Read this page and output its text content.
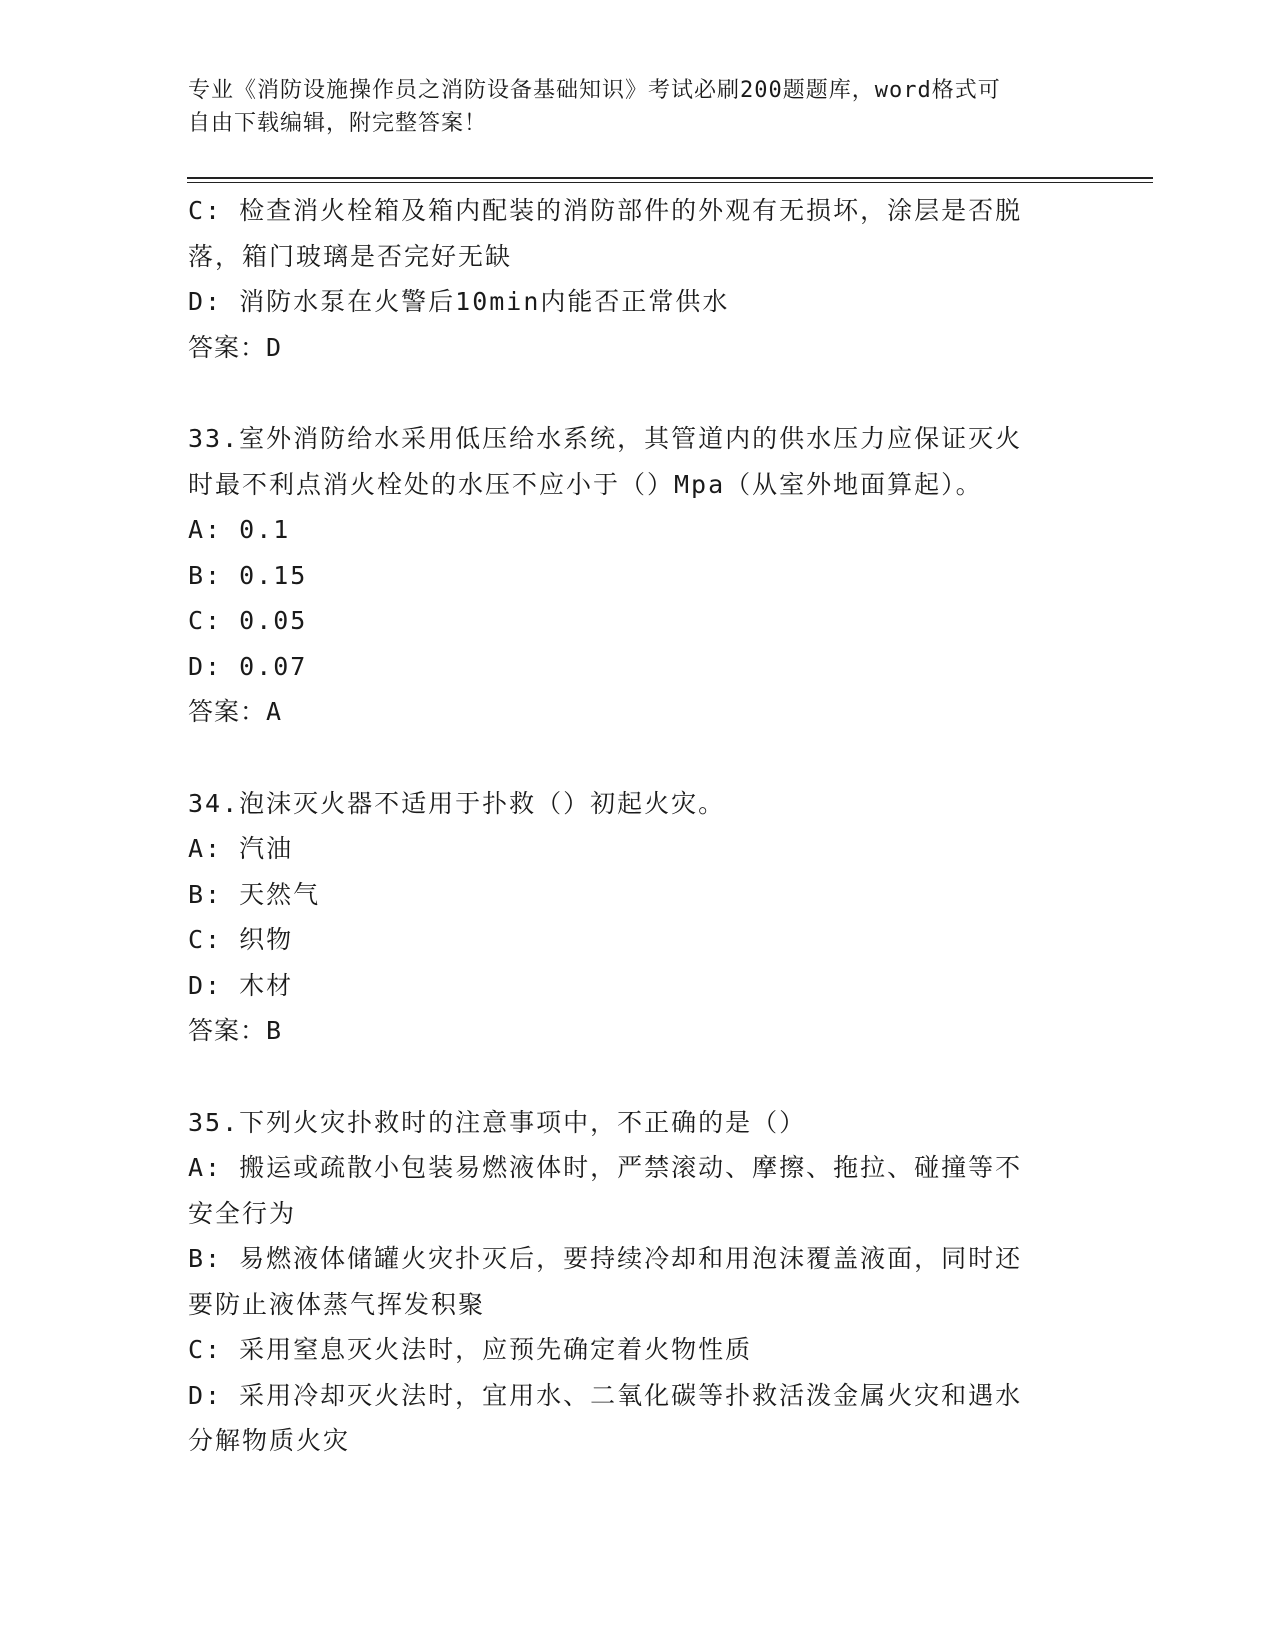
专业《消防设施操作员之消防设备基础知识》考试必刷200题题库，word格式可
自由下载编辑，附完整答案！
C: 检查消火栓箱及箱内配装的消防部件的外观有无损坏，涂层是否脱
落，箱门玻璃是否完好无缺
D: 消防水泵在火警后10min内能否正常供水
答案：D
33.室外消防给水采用低压给水系统，其管道内的供水压力应保证灭火
时最不利点消火栓处的水压不应小于（）Mpa（从室外地面算起）。
A: 0.1
B: 0.15
C: 0.05
D: 0.07
答案：A
34.泡沫灭火器不适用于扑救（）初起火灾。
A: 汽油
B: 天然气
C: 织物
D: 木材
答案：B
35.下列火灾扑救时的注意事项中，不正确的是（）
A: 搬运或疏散小包装易燃液体时，严禁滚动、摩擦、拖拉、碰撞等不
安全行为
B: 易燃液体储罐火灾扑灭后，要持续冷却和用泡沫覆盖液面，同时还
要防止液体蒸气挥发积聚
C: 采用窒息灭火法时，应预先确定着火物性质
D: 采用冷却灭火法时，宜用水、二氧化碳等扑救活泼金属火灾和遇水
分解物质火灾
